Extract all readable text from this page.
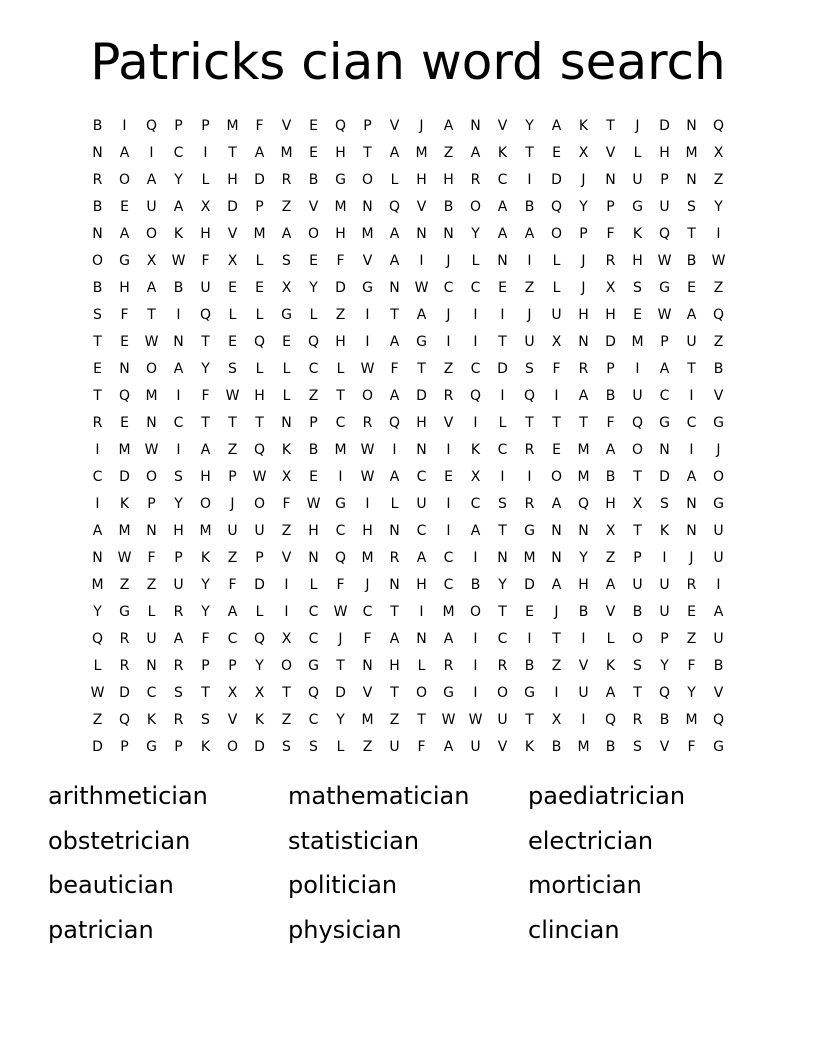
Patricks cian word search
B	I	Q	P	P	M	F	V	E	Q	P	V	J	A	N	V	Y	A	K	T	J	D	N	Q
N	A	I	C	I	T	A	M	E	H	T	A	M	Z	A	K	T	E	X	V	L	H	M	X
R	O	A	Y	L	H	D	R	B	G	O	L	H	H	R	C	I	D	J	N	U	P	N	Z
B	E	U	A	X	D	P	Z	V	M	N	Q	V	B	O	A	B	Q	Y	P	G	U	S	Y
N	A	O	K	H	V	M	A	O	H	M	A	N	N	Y	A	A	O	P	F	K	Q	T	I
O	G	X	W	F	X	L	S	E	F	V	A	I	J	L	N	I	L	J	R	H	W	B	W
B	H	A	B	U	E	E	X	Y	D	G	N	W	C	C	E	Z	L	J	X	S	G	E	Z
S	F	T	I	Q	L	L	G	L	Z	I	T	A	J	I	I	J	U	H	H	E	W	A	Q
T	E	W	N	T	E	Q	E	Q	H	I	A	G	I	I	T	U	X	N	D	M	P	U	Z
E	N	O	A	Y	S	L	L	C	L	W	F	T	Z	C	D	S	F	R	P	I	A	T	B
T	Q	M	I	F	W	H	L	Z	T	O	A	D	R	Q	I	Q	I	A	B	U	C	I	V
R	E	N	C	T	T	T	N	P	C	R	Q	H	V	I	L	T	T	T	F	Q	G	C	G
I	M	W	I	A	Z	Q	K	B	M	W	I	N	I	K	C	R	E	M	A	O	N	I	J
C	D	O	S	H	P	W	X	E	I	W	A	C	E	X	I	I	O	M	B	T	D	A	O
I	K	P	Y	O	J	O	F	W	G	I	L	U	I	C	S	R	A	Q	H	X	S	N	G
A	M	N	H	M	U	U	Z	H	C	H	N	C	I	A	T	G	N	N	X	T	K	N	U
N	W	F	P	K	Z	P	V	N	Q	M	R	A	C	I	N	M	N	Y	Z	P	I	J	U
M	Z	Z	U	Y	F	D	I	L	F	J	N	H	C	B	Y	D	A	H	A	U	U	R	I
Y	G	L	R	Y	A	L	I	C	W	C	T	I	M	O	T	E	J	B	V	B	U	E	A
Q	R	U	A	F	C	Q	X	C	J	F	A	N	A	I	C	I	T	I	L	O	P	Z	U
L	R	N	R	P	P	Y	O	G	T	N	H	L	R	I	R	B	Z	V	K	S	Y	F	B
W	D	C	S	T	X	X	T	Q	D	V	T	O	G	I	O	G	I	U	A	T	Q	Y	V
Z	Q	K	R	S	V	K	Z	C	Y	M	Z	T	W W	U	T	X	I	Q	R	B	M	Q
D	P	G	P	K	O	D	S	S	L	Z	U	F	A	U	V	K	B	M	B	S	V	F	G
arithmetician	mathematician	paediatrician
obstetrician	statistician	electrician
beautician	politician	mortician
patrician	physician	clincian
